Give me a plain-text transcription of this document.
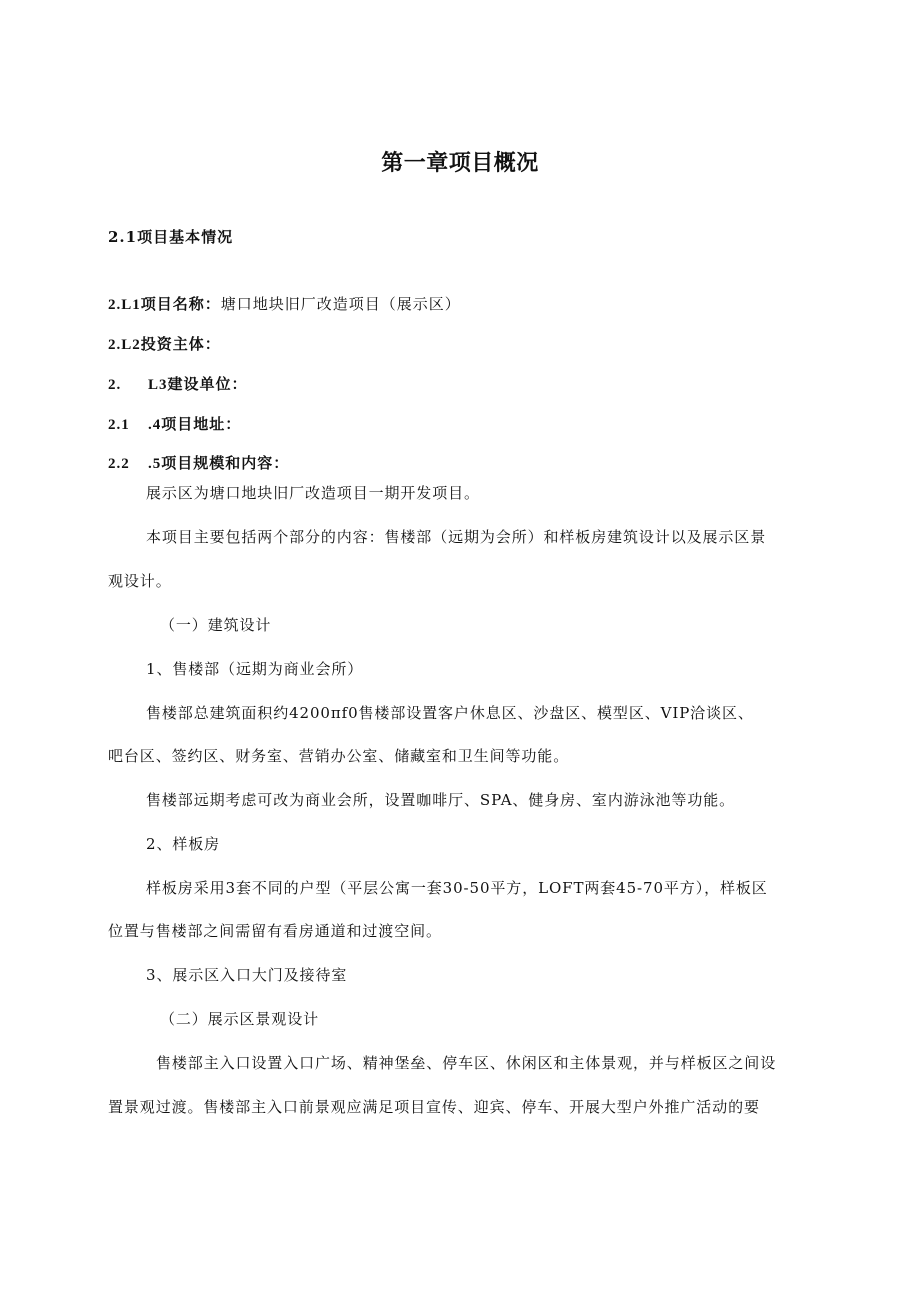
第一章项目概况
2.1项目基本情况
2.L1项目名称：塘口地块旧厂改造项目（展示区）
2.L2投资主体：
2. L3建设单位：
2.1 .4项目地址：
2.2 .5项目规模和内容：
展示区为塘口地块旧厂改造项目一期开发项目。
本项目主要包括两个部分的内容：售楼部（远期为会所）和样板房建筑设计以及展示区景
观设计。
（一）建筑设计
1、售楼部（远期为商业会所）
售楼部总建筑面积约4200πf0售楼部设置客户休息区、沙盘区、模型区、VIP洽谈区、
吧台区、签约区、财务室、营销办公室、储藏室和卫生间等功能。
售楼部远期考虑可改为商业会所，设置咖啡厅、SPA、健身房、室内游泳池等功能。
2、样板房
样板房采用3套不同的户型（平层公寓一套30-50平方，LOFT两套45-70平方），样板区
位置与售楼部之间需留有看房通道和过渡空间。
3、展示区入口大门及接待室
（二）展示区景观设计
售楼部主入口设置入口广场、精神堡垒、停车区、休闲区和主体景观，并与样板区之间设
置景观过渡。售楼部主入口前景观应满足项目宣传、迎宾、停车、开展大型户外推广活动的要
